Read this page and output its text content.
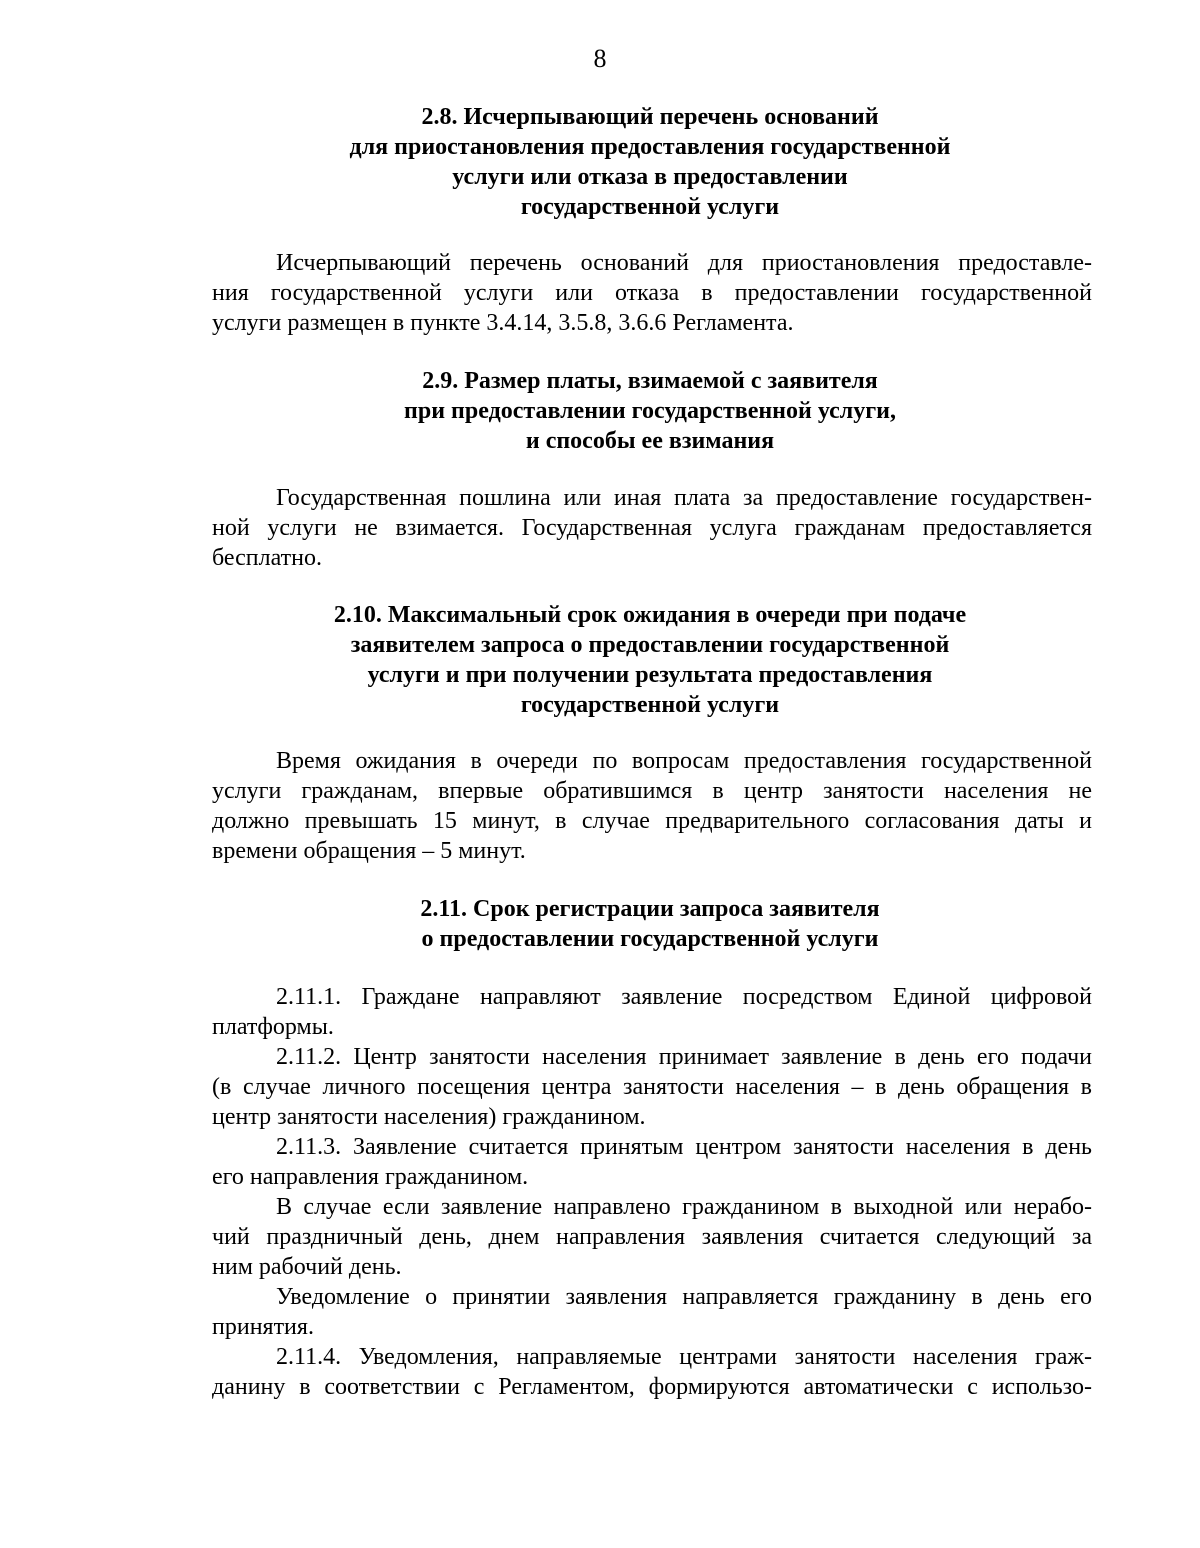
8
2.8. Исчерпывающий перечень оснований
для приостановления предоставления государственной
услуги или отказа в предоставлении
государственной услуги
Исчерпывающий перечень оснований для приостановления предоставле-
ния государственной услуги или отказа в предоставлении государственной
услуги размещен в пункте 3.4.14, 3.5.8, 3.6.6 Регламента.
2.9. Размер платы, взимаемой с заявителя
при предоставлении государственной услуги,
и способы ее взимания
Государственная пошлина или иная плата за предоставление государствен-
ной услуги не взимается. Государственная услуга гражданам предоставляется
бесплатно.
2.10. Максимальный срок ожидания в очереди при подаче
заявителем запроса о предоставлении государственной
услуги и при получении результата предоставления
государственной услуги
Время ожидания в очереди по вопросам предоставления государственной
услуги гражданам, впервые обратившимся в центр занятости населения не
должно превышать 15 минут, в случае предварительного согласования даты и
времени обращения – 5 минут.
2.11. Срок регистрации запроса заявителя
о предоставлении государственной услуги
2.11.1. Граждане направляют заявление посредством Единой цифровой
платформы.
2.11.2. Центр занятости населения принимает заявление в день его подачи
(в случае личного посещения центра занятости населения – в день обращения в
центр занятости населения) гражданином.
2.11.3. Заявление считается принятым центром занятости населения в день
его направления гражданином.
В случае если заявление направлено гражданином в выходной или нерабо-
чий праздничный день, днем направления заявления считается следующий за
ним рабочий день.
Уведомление о принятии заявления направляется гражданину в день его
принятия.
2.11.4. Уведомления, направляемые центрами занятости населения граж-
данину в соответствии с Регламентом, формируются автоматически с использо-
